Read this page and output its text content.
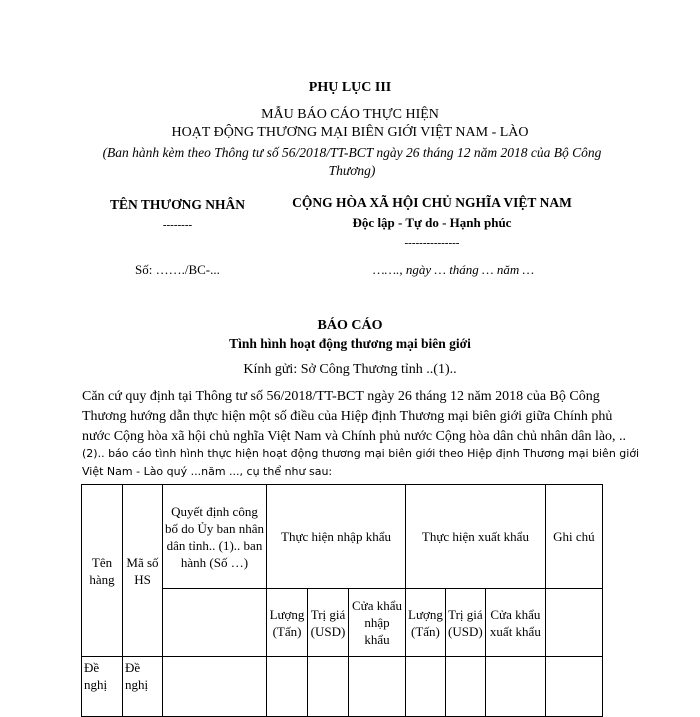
PHỤ LỤC III
MẪU BÁO CÁO THỰC HIỆN
HOẠT ĐỘNG THƯƠNG MẠI BIÊN GIỚI VIỆT NAM - LÀO
(Ban hành kèm theo Thông tư số 56/2018/TT-BCT ngày 26 tháng 12 năm 2018 của Bộ Công Thương)
TÊN THƯƠNG NHÂN
--------
CỘNG HÒA XÃ HỘI CHỦ NGHĨA VIỆT NAM
Độc lập - Tự do - Hạnh phúc
---------------
Số: ……./BC-...	……., ngày … tháng … năm …
BÁO CÁO
Tình hình hoạt động thương mại biên giới
Kính gửi: Sở Công Thương tỉnh ..(1)..
Căn cứ quy định tại Thông tư số 56/2018/TT-BCT ngày 26 tháng 12 năm 2018 của Bộ Công Thương hướng dẫn thực hiện một số điều của Hiệp định Thương mại biên giới giữa Chính phủ nước Cộng hòa xã hội chủ nghĩa Việt Nam và Chính phủ nước Cộng hòa dân chủ nhân dân lào, ..
(2).. báo cáo tình hình thực hiện hoạt động thương mại biên giới theo Hiệp định Thương mại biên giới Việt Nam - Lào quý ...năm ..., cụ thể như sau:
Tên hàng	Mã số HS	Quyết định công bố do Ủy ban nhân dân tỉnh.. (1).. ban hành (Số …)	Thực hiện nhập khẩu			Thực hiện xuất khẩu			Ghi chú
			Lượng (Tấn)	Trị giá (USD)	Cửa khẩu nhập khẩu	Lượng (Tấn)	Trị giá (USD)	Cửa khẩu xuất khẩu	
Đề nghị	Đề nghị								
